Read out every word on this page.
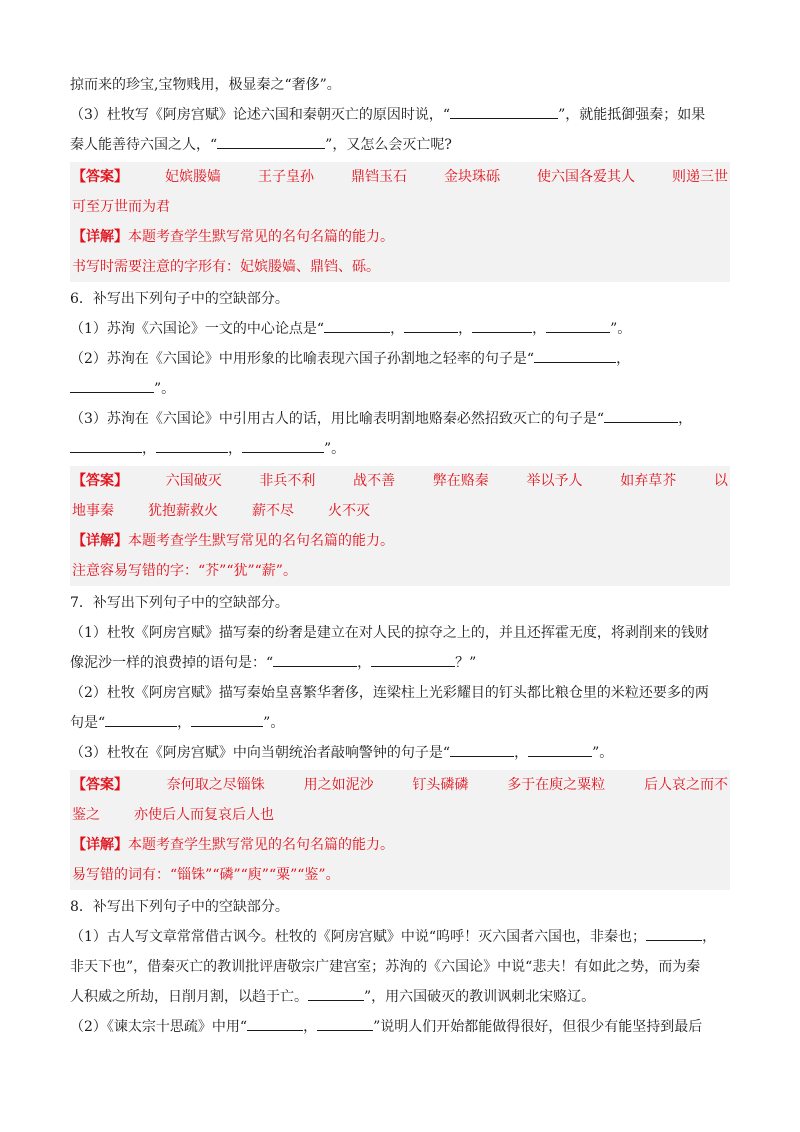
掠而来的珍宝,宝物贱用，极显秦之“奢侈”。

（3）杜牧写《阿房宫赋》论述六国和秦朝灭亡的原因时说，“	”，就能抵御强秦；如果

秦人能善待六国之人，“	”，又怎么会灭亡呢?

【答案】	妃嫔媵嫱	王子皇孙	鼎铛玉石	金块珠砾	使六国各爱其人	则递三世

可至万世而为君

【详解】本题考查学生默写常见的名句名篇的能力。

书写时需要注意的字形有：妃嫔媵嫱、鼎铛、砾。

6．补写出下列句子中的空缺部分。

（1）苏洵《六国论》一文的中心论点是“	，	，	，	”。

（2）苏洵在《六国论》中用形象的比喻表现六国子孙割地之轻率的句子是“	，

”。

（3）苏洵在《六国论》中引用古人的话，用比喻表明割地赂秦必然招致灭亡的句子是“	，

，	，	”。

【答案】	六国破灭	非兵不利	战不善	弊在赂秦	举以予人	如弃草芥	以

地事秦 犹抱薪救火 薪不尽 火不灭

【详解】本题考查学生默写常见的名句名篇的能力。

注意容易写错的字：“芥”“犹”“薪”。

7．补写出下列句子中的空缺部分。

（1）杜牧《阿房宫赋》描写秦的纷奢是建立在对人民的掠夺之上的，并且还挥霍无度，将剥削来的钱财

像泥沙一样的浪费掉的语句是：“	，	？”

（2）杜牧《阿房宫赋》描写秦始皇喜繁华奢侈，连梁柱上光彩耀目的钉头都比粮仓里的米粒还要多的两

句是“	，	”。

（3）杜牧在《阿房宫赋》中向当朝统治者敲响警钟的句子是“	，	”。

【答案】	奈何取之尽锱铢	用之如泥沙	钉头磷磷	多于在庾之粟粒	后人哀之而不

鉴之 亦使后人而复哀后人也

【详解】本题考查学生默写常见的名句名篇的能力。

易写错的词有：“锱铢”“磷”“庾”“粟”“鉴”。

8．补写出下列句子中的空缺部分。

（1）古人写文章常常借古讽今。杜牧的《阿房宫赋》中说“呜呼！灭六国者六国也，非秦也；	，

非天下也”，借秦灭亡的教训批评唐敬宗广建宫室；苏洵的《六国论》中说“悲夫！有如此之势，而为秦

人积威之所劫，日削月割，以趋于亡。	”，用六国破灭的教训讽刺北宋赂辽。

（2）《谏太宗十思疏》中用“	，	”说明人们开始都能做得很好，但很少有能坚持到最后
